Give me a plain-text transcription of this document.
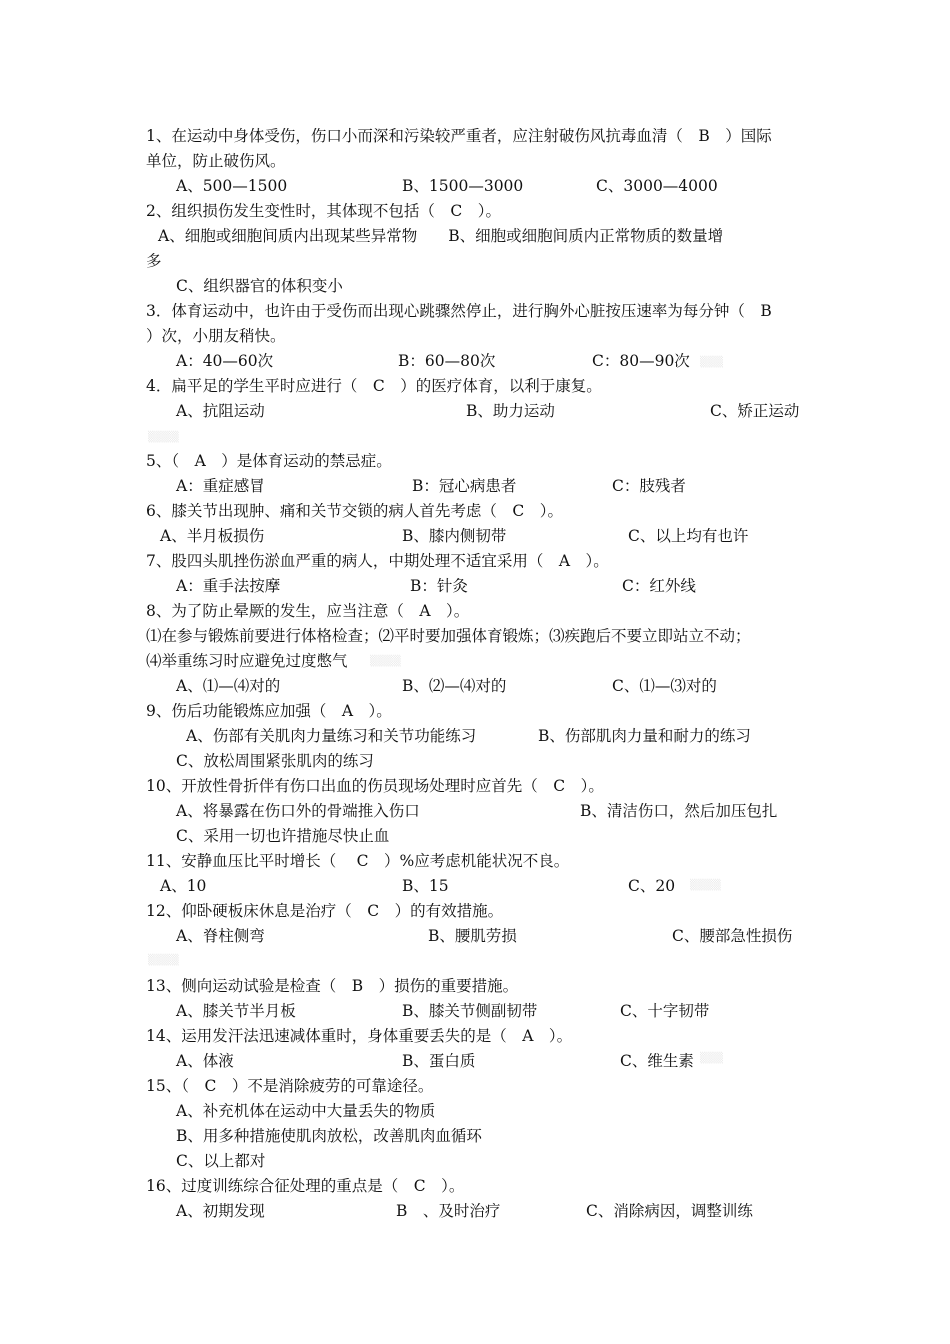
1、在运动中身体受伤，伤口小而深和污染较严重者，应注射破伤风抗毒血清（　B　）国际
单位，防止破伤风。
A、500—1500	B、1500—3000	C、3000—4000
2、组织损伤发生变性时，其体现不包括（　C　）。
A、细胞或细胞间质内出现某些异常物　　B、细胞或细胞间质内正常物质的数量增
多
C、组织器官的体积变小
3．体育运动中，也许由于受伤而出现心跳骤然停止，进行胸外心脏按压速率为每分钟（　B
）次，小朋友稍快。
A：40—60次	B：60—80次	C：80—90次
4．扁平足的学生平时应进行（　C　）的医疗体育，以利于康复。
A、抗阻运动	B、助力运动	C、矫正运动
5、（　A　）是体育运动的禁忌症。
A：重症感冒	B：冠心病患者	C：肢残者
6、膝关节出现肿、痛和关节交锁的病人首先考虑（　C　）。
A、半月板损伤	B、膝内侧韧带	C、以上均有也许
7、股四头肌挫伤淤血严重的病人，中期处理不适宜采用（　A　）。
A：重手法按摩	B：针灸	C：红外线
8、为了防止晕厥的发生，应当注意（　A　）。
⑴在参与锻炼前要进行体格检查；⑵平时要加强体育锻炼；⑶疾跑后不要立即站立不动；
⑷举重练习时应避免过度憋气
A、⑴—⑷对的	B、⑵—⑷对的	C、⑴—⑶对的
9、伤后功能锻炼应加强（　A　）。
A、伤部有关肌肉力量练习和关节功能练习	B、伤部肌肉力量和耐力的练习
C、放松周围紧张肌肉的练习
10、开放性骨折伴有伤口出血的伤员现场处理时应首先（　C　）。
A、将暴露在伤口外的骨端推入伤口	B、清洁伤口，然后加压包扎
C、采用一切也许措施尽快止血
11、安静血压比平时增长（　 C　）%应考虑机能状况不良。
A、10	B、15	C、20
12、仰卧硬板床休息是治疗（　C　）的有效措施。
A、脊柱侧弯	B、腰肌劳损	C、腰部急性损伤
13、侧向运动试验是检查（　B　）损伤的重要措施。
A、膝关节半月板	B、膝关节侧副韧带	C、十字韧带
14、运用发汗法迅速减体重时，身体重要丢失的是（　A　）。
A、体液	B、蛋白质	C、维生素
15、（　C　）不是消除疲劳的可靠途径。
A、补充机体在运动中大量丢失的物质
B、用多种措施使肌肉放松，改善肌肉血循环
C、以上都对
16、过度训练综合征处理的重点是（　C　）。
A、初期发现	B　、及时治疗	C、消除病因，调整训练
▒▒▒
▒▒▒▒
▒▒▒▒
▒▒▒▒
▒▒▒▒
▒▒▒
